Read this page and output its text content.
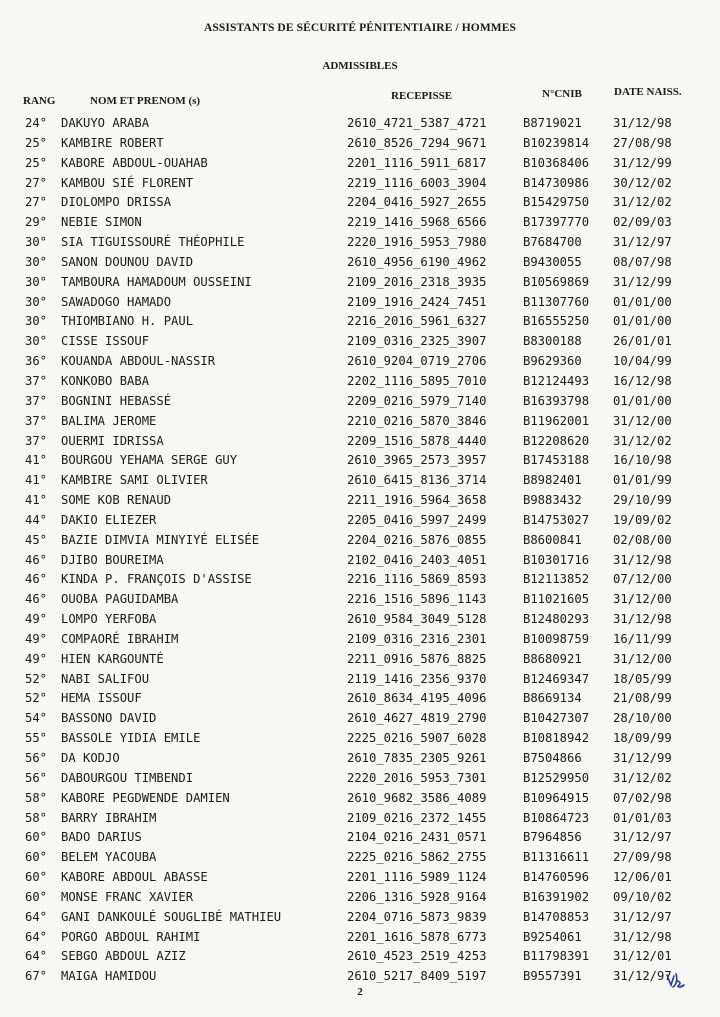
ASSISTANTS DE SÉCURITÉ PÉNITENTIAIRE / HOMMES
ADMISSIBLES
RANG	NOM ET PRENOM (s)	RECEPISSE	N°CNIB	DATE NAISS.
24° DAKUYO ARABA	2610_4721_5387_4721	B8719021	31/12/98
25° KAMBIRE ROBERT	2610_8526_7294_9671	B10239814 27/08/98
25° KABORE ABDOUL-OUAHAB	2201_1116_5911_6817	B10368406 31/12/99
27° KAMBOU SIÉ FLORENT	2219_1116_6003_3904	B14730986 30/12/02
27° DIOLOMPO DRISSA	2204_0416_5927_2655	B15429750 31/12/02
29° NEBIE SIMON	2219_1416_5968_6566	B17397770 02/09/03
30° SIA TIGUISSOURÉ THÉOPHILE	2220_1916_5953_7980	B7684700	31/12/97
30° SANON DOUNOU DAVID	2610_4956_6190_4962	B9430055	08/07/98
30° TAMBOURA HAMADOUM OUSSEINI	2109_2016_2318_3935	B10569869 31/12/99
30° SAWADOGO HAMADO	2109_1916_2424_7451	B11307760 01/01/00
30° THIOMBIANO H. PAUL	2216_2016_5961_6327	B16555250 01/01/00
30° CISSE ISSOUF	2109_0316_2325_3907	B8300188	26/01/01
36° KOUANDA ABDOUL-NASSIR	2610_9204_0719_2706	B9629360	10/04/99
37° KONKOBO BABA	2202_1116_5895_7010	B12124493 16/12/98
37° BOGNINI HEBASSÉ	2209_0216_5979_7140	B16393798 01/01/00
37° BALIMA JEROME	2210_0216_5870_3846	B11962001 31/12/00
37° OUERMI IDRISSA	2209_1516_5878_4440	B12208620 31/12/02
41° BOURGOU YEHAMA SERGE GUY	2610_3965_2573_3957	B17453188 16/10/98
41° KAMBIRE SAMI OLIVIER	2610_6415_8136_3714	B8982401	01/01/99
41° SOME KOB RENAUD	2211_1916_5964_3658	B9883432	29/10/99
44° DAKIO ELIEZER	2205_0416_5997_2499	B14753027 19/09/02
45° BAZIE DIMVIA MINYIYÉ ELISÉE	2204_0216_5876_0855	B8600841	02/08/00
46° DJIBO BOUREIMA	2102_0416_2403_4051	B10301716 31/12/98
46° KINDA P. FRANÇOIS D'ASSISE	2216_1116_5869_8593	B12113852 07/12/00
46° OUOBA PAGUIDAMBA	2216_1516_5896_1143	B11021605 31/12/00
49° LOMPO YERFOBA	2610_9584_3049_5128	B12480293 31/12/98
49° COMPAORÉ IBRAHIM	2109_0316_2316_2301	B10098759 16/11/99
49° HIEN KARGOUNTÉ	2211_0916_5876_8825	B8680921	31/12/00
52° NABI SALIFOU	2119_1416_2356_9370	B12469347 18/05/99
52° HEMA ISSOUF	2610_8634_4195_4096	B8669134	21/08/99
54° BASSONO DAVID	2610_4627_4819_2790	B10427307 28/10/00
55° BASSOLE YIDIA EMILE	2225_0216_5907_6028	B10818942 18/09/99
56° DA KODJO	2610_7835_2305_9261	B7504866	31/12/99
56° DABOURGOU TIMBENDI	2220_2016_5953_7301	B12529950 31/12/02
58° KABORE PEGDWENDE DAMIEN	2610_9682_3586_4089	B10964915 07/02/98
58° BARRY IBRAHIM	2109_0216_2372_1455	B10864723 01/01/03
60° BADO DARIUS	2104_0216_2431_0571	B7964856	31/12/97
60° BELEM YACOUBA	2225_0216_5862_2755	B11316611 27/09/98
60° KABORE ABDOUL ABASSE	2201_1116_5989_1124	B14760596 12/06/01
60° MONSE FRANC XAVIER	2206_1316_5928_9164	B16391902 09/10/02
64° GANI DANKOULÉ SOUGLIBÉ MATHIEU	2204_0716_5873_9839	B14708853 31/12/97
64° PORGO ABDOUL RAHIMI	2201_1616_5878_6773	B9254061	31/12/98
64° SEBGO ABDOUL AZIZ	2610_4523_2519_4253	B11798391 31/12/01
67° MAIGA HAMIDOU	2610_5217_8409_5197	B9557391	31/12/97
2
